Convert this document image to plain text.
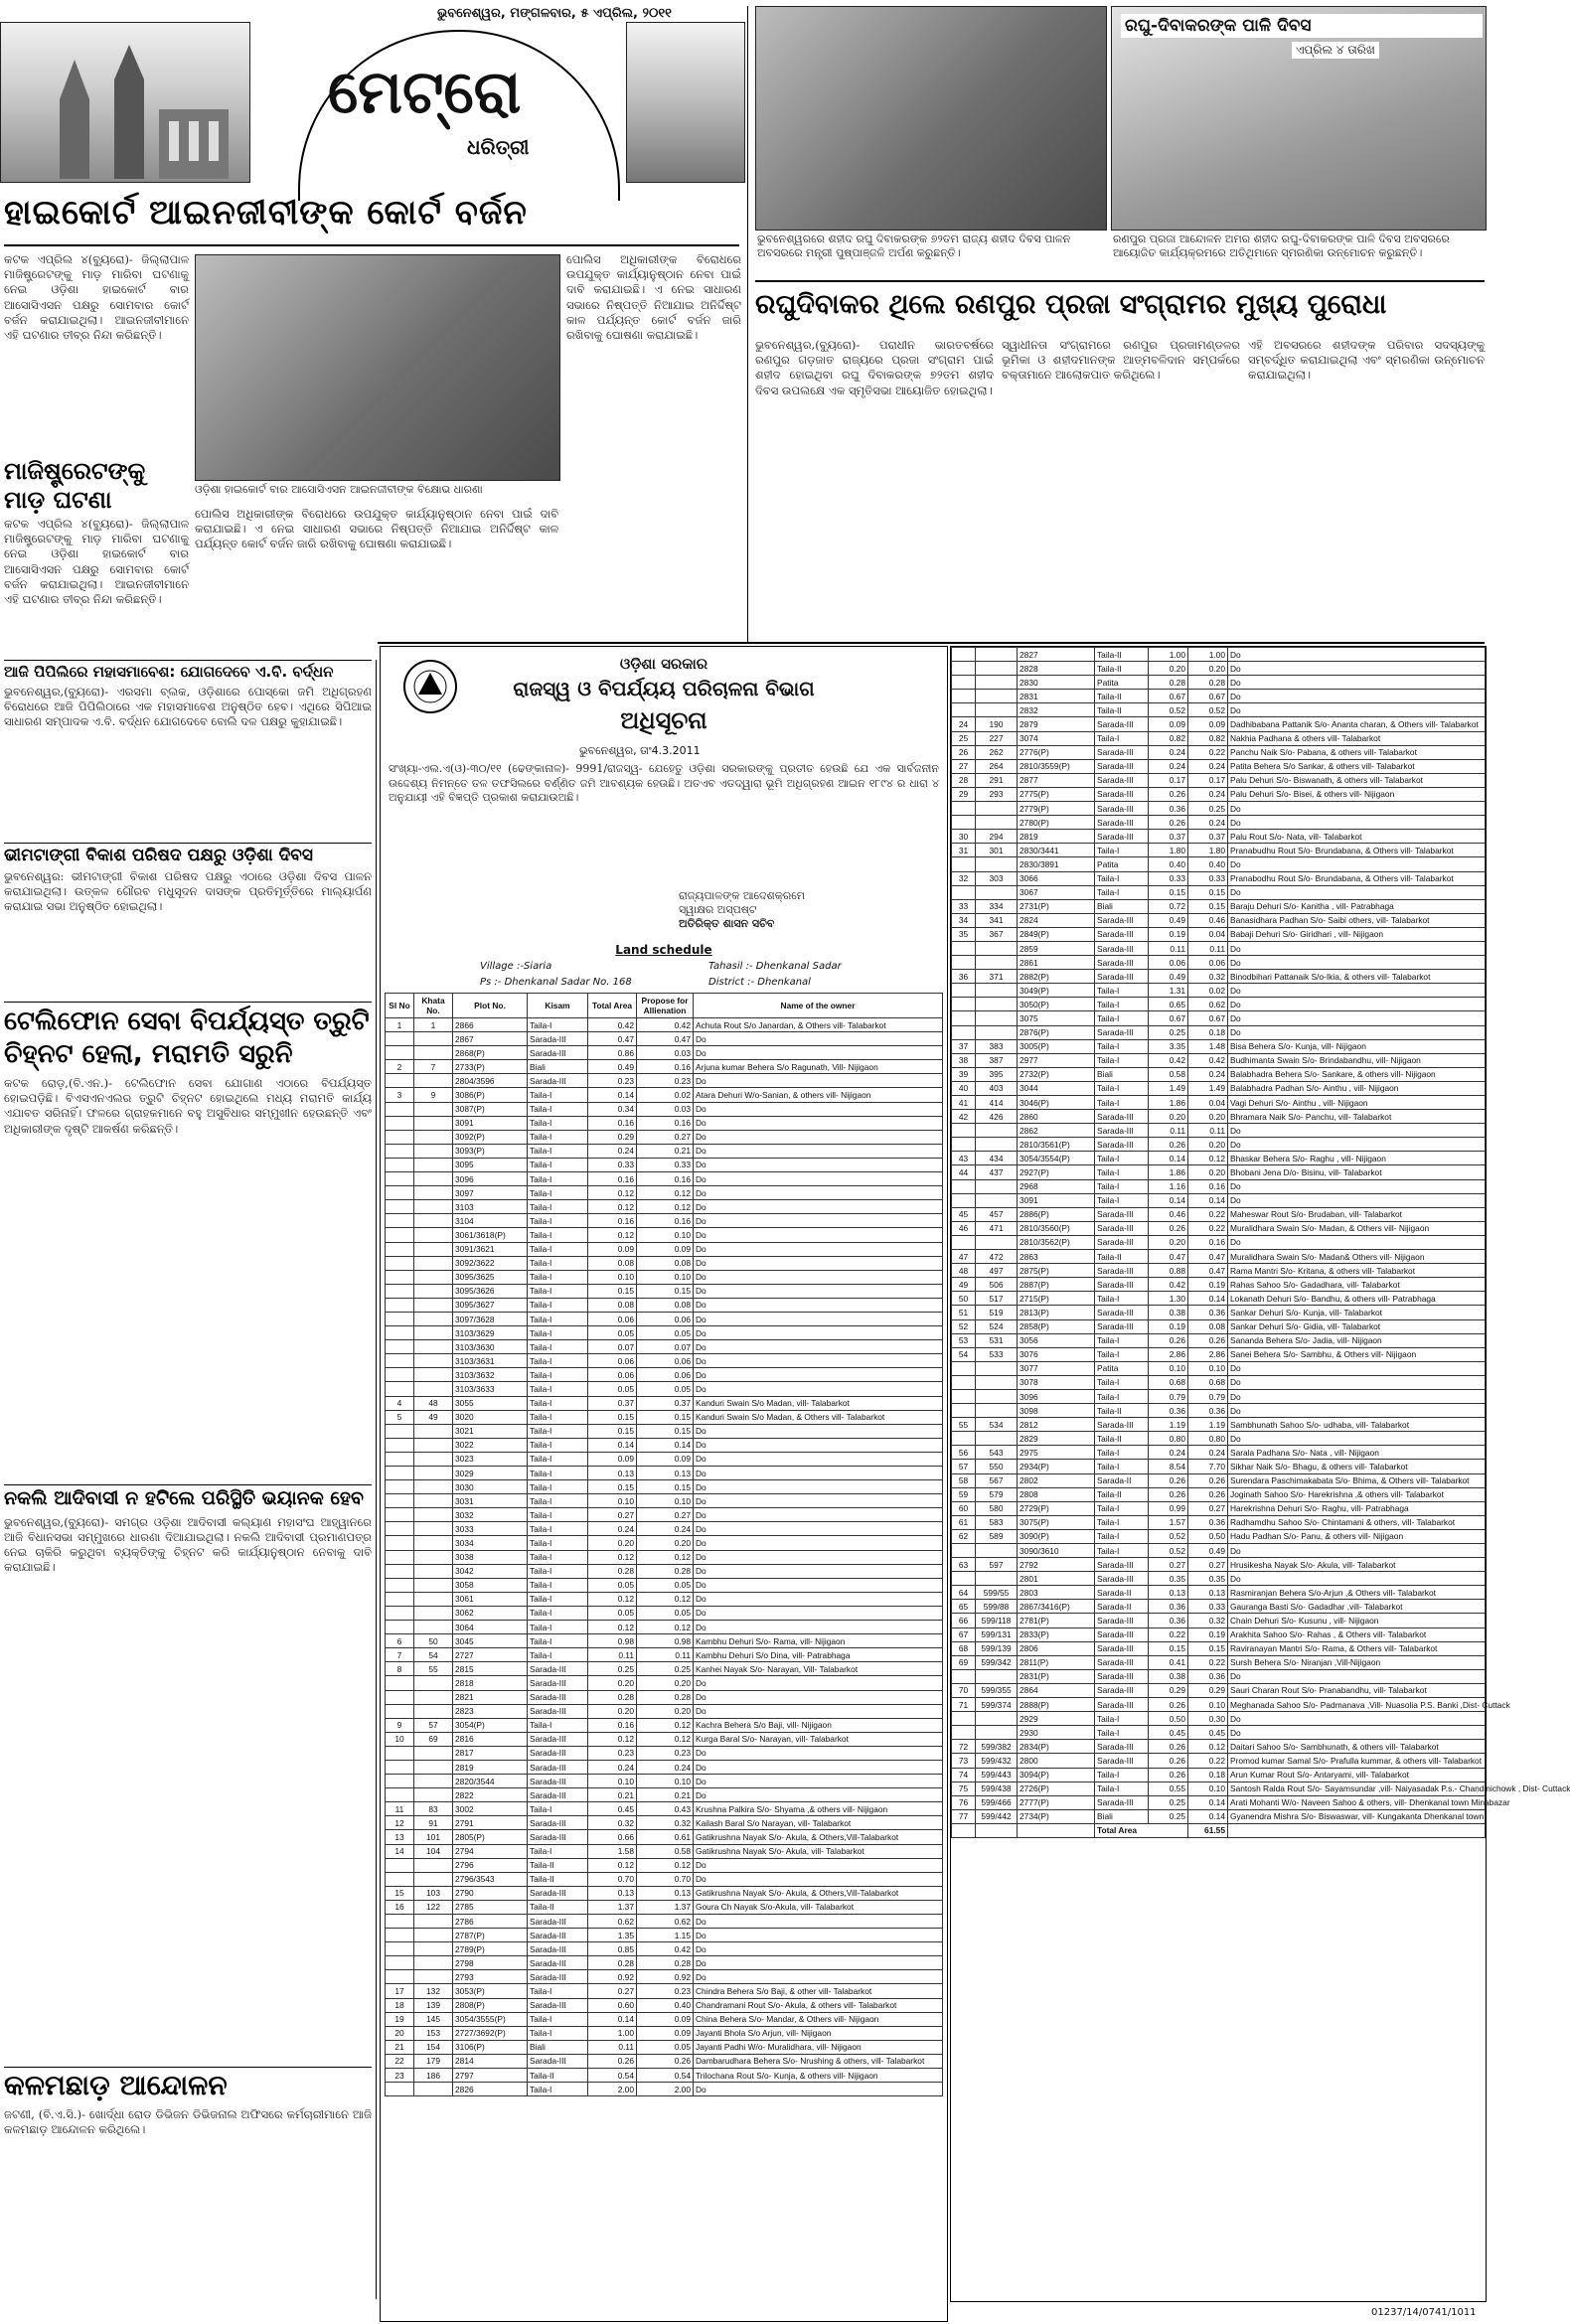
ଭୁବନେଶ୍ୱର, ମଙ୍ଗଳବାର, ୫ ଏପ୍ରିଲ, ୨୦୧୧
ମେଟ୍ରୋ
ଧରିତ୍ରୀ
ରଘୁ-ଦିବାକରଙ୍କ ପାଳି ଦିବସ
ଏପ୍ରିଲ ୪ ତାରିଖ
ଭୁବନେଶ୍ୱରରେ ଶହୀଦ ରଘୁ ଦିବାକରଙ୍କ ୭୨ତମ ରାଜ୍ୟ ଶହୀଦ ଦିବସ ପାଳନ ଅବସରରେ ମନ୍ତ୍ରୀ ପୁଷ୍ପାଞ୍ଜଳି ଅର୍ପଣ କରୁଛନ୍ତି।
ରଣପୁର ପ୍ରଜା ଆନ୍ଦୋଳନ ଅମର ଶହୀଦ ରଘୁ-ଦିବାକରଙ୍କ ପାଳି ଦିବସ ଅବସରରେ ଆୟୋଜିତ କାର୍ଯ୍ୟକ୍ରମରେ ଅତିଥିମାନେ ସ୍ମରଣିକା ଉନ୍ମୋଚନ କରୁଛନ୍ତି।
ହାଇକୋର୍ଟ ଆଇନଜୀବୀଙ୍କ କୋର୍ଟ ବର୍ଜନ
କଟକ ଏପ୍ରିଲ ୪(ବ୍ୟୁରୋ)- ଜିଲ୍ଲାପାଳ ମାଜିଷ୍ଟ୍ରେଟଙ୍କୁ ମାଡ଼ ମାରିବା ଘଟଣାକୁ ନେଇ ଓଡ଼ିଶା ହାଇକୋର୍ଟ ବାର ଆସୋସିଏସନ ପକ୍ଷରୁ ସୋମବାର କୋର୍ଟ ବର୍ଜନ କରାଯାଇଥିଲା। ଆଇନଜୀବୀମାନେ ଏହି ଘଟଣାର ତୀବ୍ର ନିନ୍ଦା କରିଛନ୍ତି।
ଓଡ଼ିଶା ହାଇକୋର୍ଟ ବାର ଆସୋସିଏସନ ଆଇନଜୀବୀଙ୍କ ବିକ୍ଷୋଭ ଧାରଣା
ପୋଲିସ ଅଧିକାରୀଙ୍କ ବିରୋଧରେ ଉପଯୁକ୍ତ କାର୍ଯ୍ୟାନୁଷ୍ଠାନ ନେବା ପାଇଁ ଦାବି କରାଯାଇଛି। ଏ ନେଇ ସାଧାରଣ ସଭାରେ ନିଷ୍ପତ୍ତି ନିଆଯାଇ ଅନିର୍ଦ୍ଦିଷ୍ଟ କାଳ ପର୍ଯ୍ୟନ୍ତ କୋର୍ଟ ବର୍ଜନ ଜାରି ରଖିବାକୁ ଘୋଷଣା କରାଯାଇଛି।
ମାଜିଷ୍ଟ୍ରେଟଙ୍କୁ ମାଡ଼ ଘଟଣା
କଟକ ଏପ୍ରିଲ ୪(ବ୍ୟୁରୋ)- ଜିଲ୍ଲାପାଳ ମାଜିଷ୍ଟ୍ରେଟଙ୍କୁ ମାଡ଼ ମାରିବା ଘଟଣାକୁ ନେଇ ଓଡ଼ିଶା ହାଇକୋର୍ଟ ବାର ଆସୋସିଏସନ ପକ୍ଷରୁ ସୋମବାର କୋର୍ଟ ବର୍ଜନ କରାଯାଇଥିଲା। ଆଇନଜୀବୀମାନେ ଏହି ଘଟଣାର ତୀବ୍ର ନିନ୍ଦା କରିଛନ୍ତି।
ପୋଲିସ ଅଧିକାରୀଙ୍କ ବିରୋଧରେ ଉପଯୁକ୍ତ କାର୍ଯ୍ୟାନୁଷ୍ଠାନ ନେବା ପାଇଁ ଦାବି କରାଯାଇଛି। ଏ ନେଇ ସାଧାରଣ ସଭାରେ ନିଷ୍ପତ୍ତି ନିଆଯାଇ ଅନିର୍ଦ୍ଦିଷ୍ଟ କାଳ ପର୍ଯ୍ୟନ୍ତ କୋର୍ଟ ବର୍ଜନ ଜାରି ରଖିବାକୁ ଘୋଷଣା କରାଯାଇଛି।
ଆଜି ପିପିଲିରେ ମହାସମାବେଶ: ଯୋଗଦେବେ ଏ.ବି. ବର୍ଦ୍ଧନ
ଭୁବନେଶ୍ୱର,(ବ୍ୟୁରୋ)- ଏରସମା ବ୍ଲକ, ଓଡ଼ିଶାରେ ପୋସ୍କୋ ଜମି ଅଧିଗ୍ରହଣ ବିରୋଧରେ ଆଜି ପିପିଲିଠାରେ ଏକ ମହାସମାବେଶ ଅନୁଷ୍ଠିତ ହେବ। ଏଥିରେ ସିପିଆଇ ସାଧାରଣ ସମ୍ପାଦକ ଏ.ବି. ବର୍ଦ୍ଧନ ଯୋଗଦେବେ ବୋଲି ଦଳ ପକ୍ଷରୁ କୁହାଯାଇଛି।
ଭୀମଟାଙ୍ଗୀ ବିକାଶ ପରିଷଦ ପକ୍ଷରୁ ଓଡ଼ିଶା ଦିବସ
ଭୁବନେଶ୍ୱର: ଭୀମଟାଙ୍ଗୀ ବିକାଶ ପରିଷଦ ପକ୍ଷରୁ ଏଠାରେ ଓଡ଼ିଶା ଦିବସ ପାଳନ କରାଯାଇଥିଲା। ଉତ୍କଳ ଗୌରବ ମଧୁସୂଦନ ଦାସଙ୍କ ପ୍ରତିମୂର୍ତ୍ତିରେ ମାଲ୍ୟାର୍ପଣ କରାଯାଇ ସଭା ଅନୁଷ୍ଠିତ ହୋଇଥିଲା।
ଟେଲିଫୋନ ସେବା ବିପର୍ଯ୍ୟସ୍ତ ତ୍ରୁଟି ଚିହ୍ନଟ ହେଲା, ମରାମତି ସରୁନି
କଟକ ରୋଡ଼,(ବି.ଏନ.)- ଟେଲିଫୋନ ସେବା ଯୋଗାଣ ଏଠାରେ ବିପର୍ଯ୍ୟସ୍ତ ହୋଇପଡ଼ିଛି। ବିଏସଏନଏଲର ତ୍ରୁଟି ଚିହ୍ନଟ ହୋଇଥିଲେ ମଧ୍ୟ ମରାମତି କାର୍ଯ୍ୟ ଏଯାବତ ସରିନାହିଁ। ଫଳରେ ଗ୍ରାହକମାନେ ବହୁ ଅସୁବିଧାର ସମ୍ମୁଖୀନ ହେଉଛନ୍ତି ଏବଂ ଅଧିକାରୀଙ୍କ ଦୃଷ୍ଟି ଆକର୍ଷଣ କରିଛନ୍ତି।
ନକଲି ଆଦିବାସୀ ନ ହଟିଲେ ପରିସ୍ଥିତି ଭୟାନକ ହେବ
ଭୁବନେଶ୍ୱର,(ବ୍ୟୁରୋ)- ସମଗ୍ର ଓଡ଼ିଶା ଆଦିବାସୀ କଲ୍ୟାଣ ମହାସଂଘ ଆହ୍ୱାନରେ ଆଜି ବିଧାନସଭା ସମ୍ମୁଖରେ ଧାରଣା ଦିଆଯାଇଥିଲା। ନକଲି ଆଦିବାସୀ ପ୍ରମାଣପତ୍ର ନେଇ ଚାକିରି କରୁଥିବା ବ୍ୟକ୍ତିଙ୍କୁ ଚିହ୍ନଟ କରି କାର୍ଯ୍ୟାନୁଷ୍ଠାନ ନେବାକୁ ଦାବି କରାଯାଇଛି।
କଳମଛାଡ଼ ଆନ୍ଦୋଳନ
ଜଟଣୀ, (ବି.ଏ.ସି.)- ଖୋର୍ଦ୍ଧା ରୋଡ ଡିଭିଜନ ଡିଭିଜନାଲ ଅଫିସରେ କର୍ମଚାରୀମାନେ ଆଜି କଳମଛାଡ଼ ଆନ୍ଦୋଳନ କରିଥିଲେ।
ରଘୁଦିବାକର ଥିଲେ ରଣପୁର ପ୍ରଜା ସଂଗ୍ରାମର ମୁଖ୍ୟ ପୁରୋଧା
ଭୁବନେଶ୍ୱର,(ବ୍ୟୁରୋ)- ପରାଧୀନ ଭାରତବର୍ଷରେ ରଣପୁର ଗଡ଼ଜାତ ରାଜ୍ୟରେ ପ୍ରଜା ସଂଗ୍ରାମ ପାଇଁ ଶହୀଦ ହୋଇଥିବା ରଘୁ ଦିବାକରଙ୍କ ୭୨ତମ ଶହୀଦ ଦିବସ ଉପଲକ୍ଷେ ଏକ ସ୍ମୃତିସଭା ଆୟୋଜିତ ହୋଇଥିଲା।
ସ୍ୱାଧୀନତା ସଂଗ୍ରାମରେ ରଣପୁର ପ୍ରଜାମଣ୍ଡଳର ଭୂମିକା ଓ ଶହୀଦମାନଙ୍କ ଆତ୍ମବଳିଦାନ ସମ୍ପର୍କରେ ବକ୍ତାମାନେ ଆଲୋକପାତ କରିଥିଲେ।
ଏହି ଅବସରରେ ଶହୀଦଙ୍କ ପରିବାର ସଦସ୍ୟଙ୍କୁ ସମ୍ବର୍ଦ୍ଧିତ କରାଯାଇଥିଲା ଏବଂ ସ୍ମରଣିକା ଉନ୍ମୋଚନ କରାଯାଇଥିଲା।
ଓଡ଼ିଶା ସରକାର
ରାଜସ୍ୱ ଓ ବିପର୍ଯ୍ୟୟ ପରିଚାଳନା ବିଭାଗ
ଅଧିସୂଚନା
ଭୁବନେଶ୍ୱର, ତାଂ4.3.2011
ସଂଖ୍ୟା-ଏଲ.ଏ(ଓ)-୩୦/୧୧ (ଢେଙ୍କାନାଳ)- 9991/ରାଜସ୍ୱ- ଯେହେତୁ ଓଡ଼ିଶା ସରକାରଙ୍କୁ ପ୍ରତୀତ ହେଉଛି ଯେ ଏକ ସାର୍ବଜନୀନ ଉଦ୍ଦେଶ୍ୟ ନିମନ୍ତେ ତଳ ତଫସିଲରେ ବର୍ଣ୍ଣିତ ଜମି ଆବଶ୍ୟକ ହେଉଛି। ଅତଏବ ଏତଦ୍ୱାରା ଭୂମି ଅଧିଗ୍ରହଣ ଆଇନ ୧୮୯୪ ର ଧାରା ୪ ଅନୁଯାୟୀ ଏହି ବିଜ୍ଞପ୍ତି ପ୍ରକାଶ କରାଯାଉଅଛି।
ରାଜ୍ୟପାଳଙ୍କ ଆଦେଶକ୍ରମେ
ସ୍ୱାକ୍ଷର ଅସ୍ପଷ୍ଟ
ଅତିରିକ୍ତ ଶାସନ ସଚିବ
Land schedule
Village :-Siaria	Tahasil :- Dhenkanal Sadar
Ps :- Dhenkanal Sadar No. 168	District :- Dhenkanal
Sl No	Khata No.	Plot No.	Kisam	Total Area	Propose for Allienation	Name of the owner
1	1	2866	Taila-I	0.42	0.42	Achuta Rout S/o Janardan, & Others vill- Talabarkot
		2867	Sarada-III	0.47	0.47	Do
		2868(P)	Sarada-III	0.86	0.03	Do
2	7	2733(P)	Biali	0.49	0.16	Arjuna kumar Behera S/o Ragunath, Vill- Nijigaon
		2804/3596	Sarada-III	0.23	0.23	Do
3	9	3086(P)	Taila-I	0.14	0.02	Atara Dehuri W/o-Sanian, & others vill- Nijigaon
		3087(P)	Taila-I	0.34	0.03	Do
		3091	Taila-I	0.16	0.16	Do
		3092(P)	Taila-I	0.29	0.27	Do
		3093(P)	Taila-I	0.24	0.21	Do
		3095	Taila-I	0.33	0.33	Do
		3096	Taila-I	0.16	0.16	Do
		3097	Taila-I	0.12	0.12	Do
		3103	Taila-I	0.12	0.12	Do
		3104	Taila-I	0.16	0.16	Do
		3061/3618(P)	Taila-I	0.12	0.10	Do
		3091/3621	Taila-I	0.09	0.09	Do
		3092/3622	Taila-I	0.08	0.08	Do
		3095/3625	Taila-I	0.10	0.10	Do
		3095/3626	Taila-I	0.15	0.15	Do
		3095/3627	Taila-I	0.08	0.08	Do
		3097/3628	Taila-I	0.06	0.06	Do
		3103/3629	Taila-I	0.05	0.05	Do
		3103/3630	Taila-I	0.07	0.07	Do
		3103/3631	Taila-I	0.06	0.06	Do
		3103/3632	Taila-I	0.06	0.06	Do
		3103/3633	Taila-I	0.05	0.05	Do
4	48	3055	Taila-I	0.37	0.37	Kanduri Swain S/o Madan, vill- Talabarkot
5	49	3020	Taila-I	0.15	0.15	Kanduri Swain S/o Madan, & Others vill- Talabarkot
		3021	Taila-I	0.15	0.15	Do
		3022	Taila-I	0.14	0.14	Do
		3023	Taila-I	0.09	0.09	Do
		3029	Taila-I	0.13	0.13	Do
		3030	Taila-I	0.15	0.15	Do
		3031	Taila-I	0.10	0.10	Do
		3032	Taila-I	0.27	0.27	Do
		3033	Taila-I	0.24	0.24	Do
		3034	Taila-I	0.20	0.20	Do
		3038	Taila-I	0.12	0.12	Do
		3042	Taila-I	0.28	0.28	Do
		3058	Taila-I	0.05	0.05	Do
		3061	Taila-I	0.12	0.12	Do
		3062	Taila-I	0.05	0.05	Do
		3064	Taila-I	0.12	0.12	Do
6	50	3045	Taila-I	0.98	0.98	Kambhu Dehuri S/o- Rama, vill- Nijigaon
7	54	2727	Taila-I	0.11	0.11	Kambhu Dehuri S/o Dina, vill- Patrabhaga
8	55	2815	Sarada-III	0.25	0.25	Kanhei Nayak S/o- Narayan, Vill- Talabarkot
		2818	Sarada-III	0.20	0.20	Do
		2821	Sarada-III	0.28	0.28	Do
		2823	Sarada-III	0.20	0.20	Do
9	57	3054(P)	Taila-I	0.16	0.12	Kachra Behera S/o Baji, vill- Nijigaon
10	69	2816	Sarada-III	0.12	0.12	Kurga Baral S/o- Narayan, vill- Talabarkot
		2817	Sarada-III	0.23	0.23	Do
		2819	Sarada-III	0.24	0.24	Do
		2820/3544	Sarada-III	0.10	0.10	Do
		2822	Sarada-III	0.21	0.21	Do
11	83	3002	Taila-I	0.45	0.43	Krushna Palkira S/o- Shyama ,& others vill- Nijigaon
12	91	2791	Sarada-III	0.32	0.32	Kailash Baral S/o Narayan, vill- Talabarkot
13	101	2805(P)	Sarada-III	0.66	0.61	Gatikrushna Nayak S/o- Akula, & Others,Vill-Talabarkot
14	104	2794	Taila-I	1.58	0.58	Gatikrushna Nayak S/o- Akula, vill- Talabarkot
		2796	Taila-II	0.12	0.12	Do
		2796/3543	Taila-II	0.70	0.70	Do
15	103	2790	Sarada-III	0.13	0.13	Gatikrushna Nayak S/o- Akula, & Others,Vill-Talabarkot
16	122	2785	Taila-II	1.37	1.37	Goura Ch Nayak S/o-Akula, vill- Talabarkot
		2786	Sarada-III	0.62	0.62	Do
		2787(P)	Sarada-III	1.35	1.15	Do
		2789(P)	Sarada-III	0.85	0.42	Do
		2798	Sarada-III	0.28	0.28	Do
		2793	Sarada-III	0.92	0.92	Do
17	132	3053(P)	Taila-I	0.27	0.23	Chindra Behera S/o Baji, & other vill- Talabarkot
18	139	2808(P)	Sarada-III	0.60	0.40	Chandramani Rout S/o- Akula, & others vill- Talabarkot
19	145	3054/3555(P)	Taila-I	0.14	0.09	China Behera S/o- Mandar, & Others vill- Nijigaon
20	153	2727/3692(P)	Taila-I	1.00	0.09	Jayanti Bhola S/o Arjun, vill- Nijigaon
21	154	3106(P)	Biali	0.11	0.05	Jayanti Padhi W/o- Muralidhara, vill- Nijigaon
22	179	2814	Sarada-III	0.26	0.26	Dambarudhara Behera S/o- Nrushing & others, vill- Talabarkot
23	186	2797	Taila-II	0.54	0.54	Trilochana Rout S/o- Kunja, & others vill- Nijigaon
		2826	Taila-I	2.00	2.00	Do
		2827	Taila-II	1.00	1.00	Do
		2828	Taila-II	0.20	0.20	Do
		2830	Patita	0.28	0.28	Do
		2831	Taila-II	0.67	0.67	Do
		2832	Taila-II	0.52	0.52	Do
24	190	2879	Sarada-III	0.09	0.09	Dadhibabana Pattanik S/o- Ananta charan, & Others vill- Talabarkot
25	227	3074	Taila-I	0.82	0.82	Nakhia Padhana & others vill- Talabarkot
26	262	2776(P)	Sarada-III	0.24	0.22	Panchu Naik S/o- Pabana, & others vill- Talabarkot
27	264	2810/3559(P)	Sarada-III	0.24	0.24	Patita Behera S/o Sankar, & others vill- Talabarkot
28	291	2877	Sarada-III	0.17	0.17	Palu Dehuri S/o- Biswanath, & others vill- Talabarkot
29	293	2775(P)	Sarada-III	0.26	0.24	Palu Dehuri S/o- Bisei, & others vill- Nijigaon
		2779(P)	Sarada-III	0.36	0.25	Do
		2780(P)	Sarada-III	0.26	0.24	Do
30	294	2819	Sarada-III	0.37	0.37	Palu Rout S/o- Nata, vill- Talabarkot
31	301	2830/3441	Taila-I	1.80	1.80	Pranabudhu Rout S/o- Brundabana, & Others vill- Talabarkot
		2830/3891	Patita	0.40	0.40	Do
32	303	3066	Taila-I	0.33	0.33	Pranabodhu Rout S/o- Brundabana, & Others vill- Talabarkot
		3067	Taila-I	0.15	0.15	Do
33	334	2731(P)	Biali	0.72	0.15	Baraju Dehuri S/o- Kanitha , vill- Patrabhaga
34	341	2824	Sarada-III	0.49	0.46	Banasidhara Padhan S/o- Saibi others, vill- Talabarkot
35	367	2849(P)	Sarada-III	0.19	0.04	Babaji Dehuri S/o- Giridhari , vill- Nijigaon
		2859	Sarada-III	0.11	0.11	Do
		2861	Sarada-III	0.06	0.06	Do
36	371	2882(P)	Sarada-III	0.49	0.32	Binodbihari Pattanaik S/o-Ikia, & others vill- Talabarkot
		3049(P)	Taila-I	1.31	0.02	Do
		3050(P)	Taila-I	0.65	0.62	Do
		3075	Taila-I	0.67	0.67	Do
		2876(P)	Sarada-III	0.25	0.18	Do
37	383	3005(P)	Taila-I	3.35	1.48	Bisa Behera S/o- Kunja, vill- Nijigaon
38	387	2977	Taila-I	0.42	0.42	Budhimanta Swain S/o- Brindabandhu, vill- Nijigaon
39	395	2732(P)	Biali	0.58	0.24	Balabhadra Behera S/o- Sankare, & others vill- Nijigaon
40	403	3044	Taila-I	1.49	1.49	Balabhadra Padhan S/o- Ainthu , vill- Nijigaon
41	414	3046(P)	Taila-I	1.86	0.04	Vagi Dehuri S/o- Ainthu , vill- Nijigaon
42	426	2860	Sarada-III	0.20	0.20	Bhramara Naik S/o- Panchu, vill- Talabarkot
		2862	Sarada-III	0.11	0.11	Do
		2810/3561(P)	Sarada-III	0.26	0.20	Do
43	434	3054/3554(P)	Taila-I	0.14	0.12	Bhaskar Behera S/o- Raghu , vill- Nijigaon
44	437	2927(P)	Taila-I	1.86	0.20	Bhobani Jena D/o- Bisinu, vill- Talabarkot
		2968	Taila-I	1.16	0.16	Do
		3091	Taila-I	0.14	0.14	Do
45	457	2886(P)	Sarada-III	0.46	0.22	Maheswar Rout S/o- Brudaban, vill- Talabarkot
46	471	2810/3560(P)	Sarada-III	0.26	0.22	Muralidhara Swain S/o- Madan, & Others vill- Nijigaon
		2810/3562(P)	Sarada-III	0.20	0.16	Do
47	472	2863	Taila-II	0.47	0.47	Muralidhara Swain S/o- Madan& Others vill- Nijigaon
48	497	2875(P)	Sarada-III	0.88	0.47	Rama Mantri S/o- Kritana, & others vill- Talabarkot
49	506	2887(P)	Sarada-III	0.42	0.19	Rahas Sahoo S/o- Gadadhara, vill- Talabarkot
50	517	2715(P)	Taila-I	1.30	0.14	Lokanath Dehuri S/o- Bandhu, & others vill- Patrabhaga
51	519	2813(P)	Sarada-III	0.38	0.36	Sankar Dehuri S/o- Kunja, vill- Talabarkot
52	524	2858(P)	Sarada-III	0.19	0.08	Sankar Dehuri S/o- Gidia, vill- Talabarkot
53	531	3056	Taila-I	0.26	0.26	Sananda Behera S/o- Jadia, vill- Nijigaon
54	533	3076	Taila-I	2.86	2.86	Sanei Behera S/o- Sambhu, & Others vill- Nijigaon
		3077	Patita	0.10	0.10	Do
		3078	Taila-I	0.68	0.68	Do
		3096	Taila-I	0.79	0.79	Do
		3098	Taila-II	0.36	0.36	Do
55	534	2812	Sarada-III	1.19	1.19	Sambhunath Sahoo S/o- udhaba, vill- Talabarkot
		2829	Taila-II	0.80	0.80	Do
56	543	2975	Taila-I	0.24	0.24	Sarala Padhana S/o- Nata , vill- Nijigaon
57	550	2934(P)	Taila-I	8.54	7.70	Sikhar Naik S/o- Bhagu, & others vill- Talabarkot
58	567	2802	Sarada-II	0.26	0.26	Surendara Paschimakabata S/o- Bhima, & Others vill- Talabarkot
59	579	2808	Taila-II	0.26	0.26	Joginath Sahoo S/o- Harekrishna ,& others vill- Talabarkot
60	580	2729(P)	Taila-I	0.99	0.27	Harekrishna Dehuri S/o- Raghu, vill- Patrabhaga
61	583	3075(P)	Taila-I	1.57	0.36	Radhamdhu Sahoo S/o- Chintamani & others, vill- Talabarkot
62	589	3090(P)	Taila-I	0.52	0.50	Hadu Padhan S/o- Panu, & others vill- Nijigaon
		3090/3610	Taila-I	0.52	0.49	Do
63	597	2792	Sarada-III	0.27	0.27	Hrusikesha Nayak S/o- Akula, vill- Talabarkot
		2801	Sarada-III	0.35	0.35	Do
64	599/55	2803	Sarada-II	0.13	0.13	Rasmiranjan Behera S/o-Arjun ,& Others vill- Talabarkot
65	599/88	2867/3416(P)	Sarada-II	0.36	0.33	Gauranga Basti S/o- Gadadhar ,vill- Talabarkot
66	599/118	2781(P)	Sarada-III	0.36	0.32	Chain Dehuri S/o- Kusunu , vill- Nijigaon
67	599/131	2833(P)	Sarada-III	0.22	0.19	Arakhita Sahoo S/o- Rahas , & Others vill- Talabarkot
68	599/139	2806	Sarada-III	0.15	0.15	Raviranayan Mantri S/o- Rama, & Others vill- Talabarkot
69	599/342	2811(P)	Sarada-III	0.41	0.22	Sursh Behera S/o- Niranjan ,Vill-Nijigaon
		2831(P)	Sarada-III	0.38	0.36	Do
70	599/355	2864	Sarada-III	0.29	0.29	Sauri Charan Rout S/o- Pranabandhu, vill- Talabarkot
71	599/374	2888(P)	Sarada-III	0.26	0.10	Meghanada Sahoo S/o- Padmanava ,Vill- Nuasolia P.S. Banki ,Dist- Cuttack
		2929	Taila-I	0.50	0.30	Do
		2930	Taila-I	0.45	0.45	Do
72	599/382	2834(P)	Sarada-III	0.26	0.12	Daitari Sahoo S/o- Sambhunath, & others vill- Talabarkot
73	599/432	2800	Sarada-III	0.26	0.22	Promod kumar Samal S/o- Prafulla kummar, & others vill- Talabarkot
74	599/443	3094(P)	Taila-I	0.26	0.18	Arun Kumar Rout S/o- Antaryami, vill- Talabarkot
75	599/438	2726(P)	Taila-I	0.55	0.10	Santosh Ralda Rout S/o- Sayamsundar ,vill- Naiyasadak P.s.- Chandinichowk , Dist- Cuttack
76	599/466	2777(P)	Sarada-III	0.25	0.14	Arati Mohanti W/o- Naveen Sahoo & others, vill- Dhenkanal town Minabazar
77	599/442	2734(P)	Biali	0.25	0.14	Gyanendra Mishra S/o- Biswaswar, vill- Kungakanta Dhenkanal town
			Total Area		61.55	
01237/14/0741/1011
